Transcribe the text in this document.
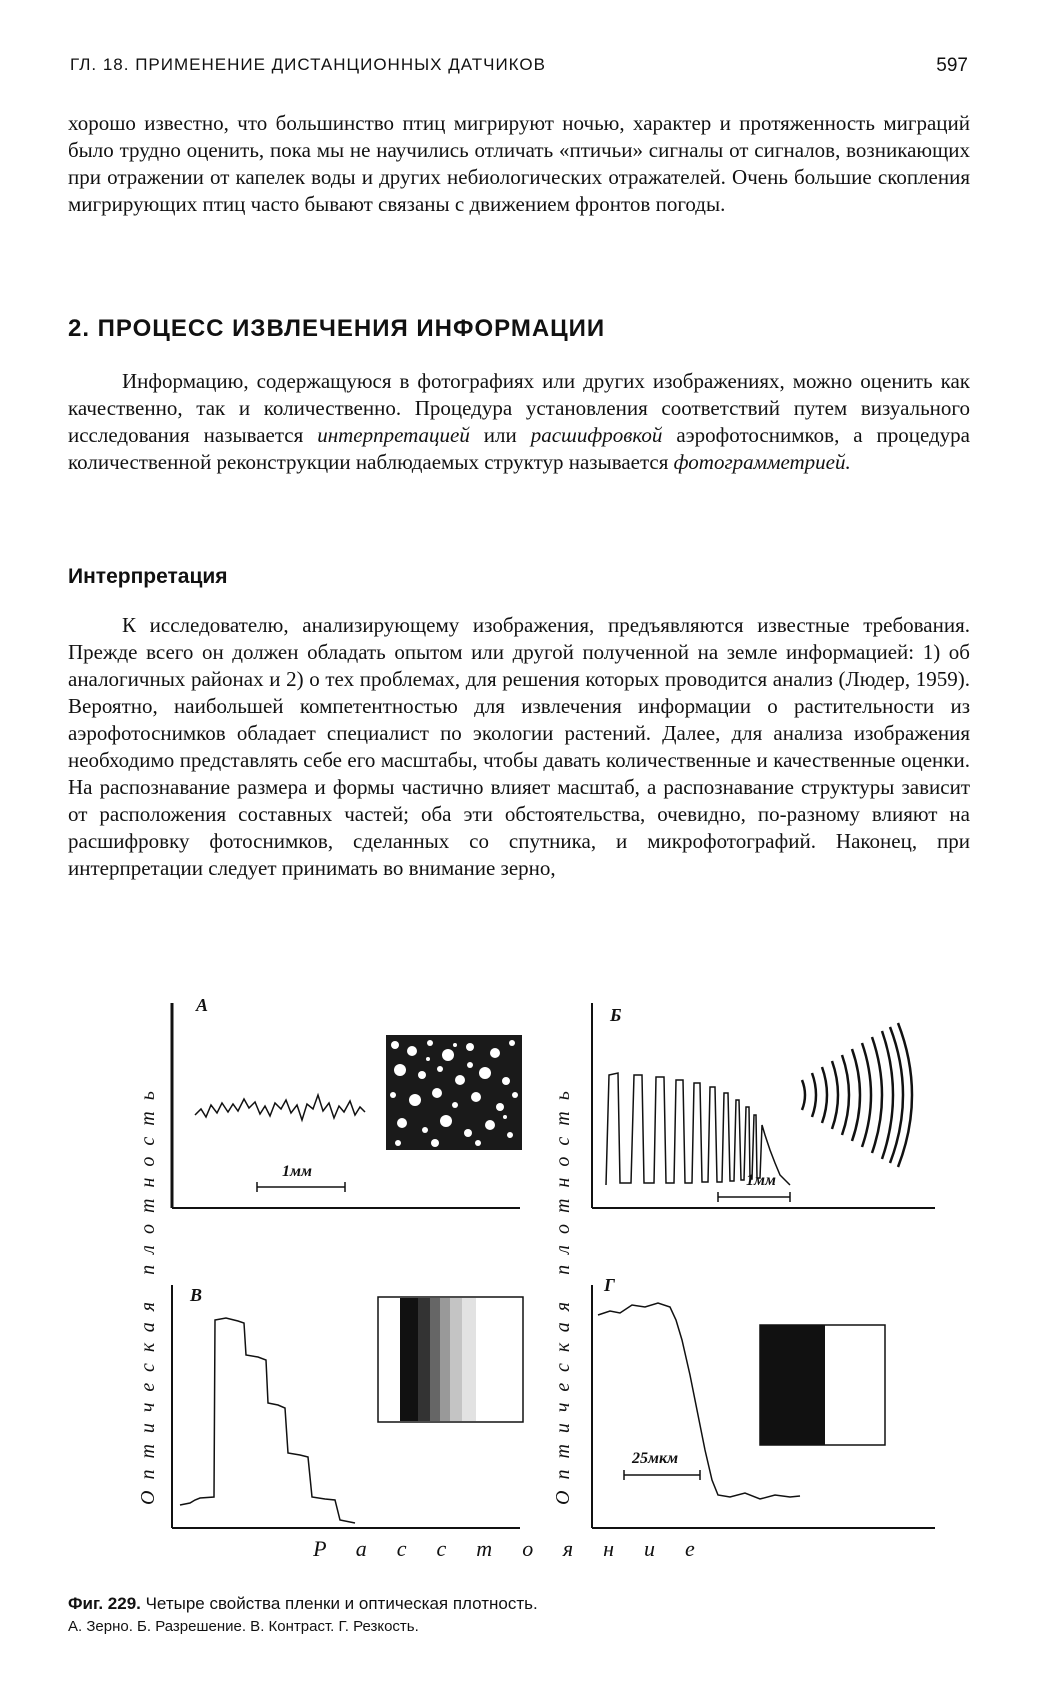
ГЛ. 18. ПРИМЕНЕНИЕ ДИСТАНЦИОННЫХ ДАТЧИКОВ	597

хорошо известно, что большинство птиц мигрируют ночью, характер и протяженность миграций было трудно оценить, пока мы не научились отличать «птичьи» сигналы от сигналов, возникающих при отражении от капелек воды и других небиологических отражателей. Очень большие скопления мигрирующих птиц часто бывают связаны с движением фронтов погоды.

2. ПРОЦЕСС ИЗВЛЕЧЕНИЯ ИНФОРМАЦИИ

Информацию, содержащуюся в фотографиях или других изображениях, можно оценить как качественно, так и количественно. Процедура установления соответствий путем визуального исследования называется интерпретацией или расшифровкой аэрофотоснимков, а процедура количественной реконструкции наблюдаемых структур называется фотограмметрией.

Интерпретация

К исследователю, анализирующему изображения, предъявляются известные требования. Прежде всего он должен обладать опытом или другой полученной на земле информацией: 1) об аналогичных районах и 2) о тех проблемах, для решения которых проводится анализ (Людер, 1959). Вероятно, наибольшей компетентностью для извлечения информации о растительности из аэрофотоснимков обладает специалист по экологии растений. Далее, для анализа изображения необходимо представлять себе его масштабы, чтобы давать количественные и качественные оценки. На распознавание размера и формы частично влияет масштаб, а распознавание структуры зависит от расположения составных частей; оба эти обстоятельства, очевидно, по-разному влияют на расшифровку фотоснимков, сделанных со спутника, и микрофотографий. Наконец, при интерпретации следует принимать во внимание зерно,

А	Б
В	Г
Оптическая плотность	Оптическая плотность
1мм
1мм
25мкм
Расстояние
Фиг. 229. Четыре свойства пленки и оптическая плотность.
А. Зерно. Б. Разрешение. В. Контраст. Г. Резкость.
